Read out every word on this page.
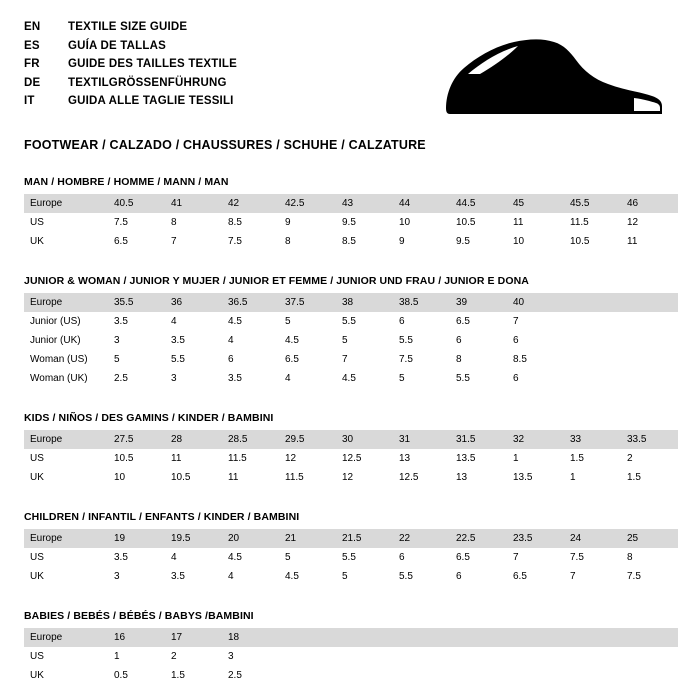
EN	TEXTILE SIZE GUIDE
ES	GUÍA DE TALLAS
FR	GUIDE DES TAILLES TEXTILE
DE	TEXTILGRÖSSENFÜHRUNG
IT	GUIDA ALLE TAGLIE TESSILI
FOOTWEAR / CALZADO / CHAUSSURES / SCHUHE / CALZATURE
MAN / HOMBRE / HOMME / MANN / MAN
Europe	40.5	41	42	42.5	43	44	44.5	45	45.5	46
US	7.5	8	8.5	9	9.5	10	10.5	11	11.5	12
UK	6.5	7	7.5	8	8.5	9	9.5	10	10.5	11
JUNIOR & WOMAN / JUNIOR Y MUJER / JUNIOR ET FEMME / JUNIOR UND FRAU / JUNIOR E DONA
Europe	35.5	36	36.5	37.5	38	38.5	39	40		
Junior (US)	3.5	4	4.5	5	5.5	6	6.5	7		
Junior (UK)	3	3.5	4	4.5	5	5.5	6	6		
Woman (US)	5	5.5	6	6.5	7	7.5	8	8.5		
Woman (UK)	2.5	3	3.5	4	4.5	5	5.5	6		
KIDS / NIÑOS / DES GAMINS / KINDER / BAMBINI
Europe	27.5	28	28.5	29.5	30	31	31.5	32	33	33.5
US	10.5	11	11.5	12	12.5	13	13.5	1	1.5	2
UK	10	10.5	11	11.5	12	12.5	13	13.5	1	1.5
CHILDREN / INFANTIL / ENFANTS / KINDER / BAMBINI
Europe	19	19.5	20	21	21.5	22	22.5	23.5	24	25
US	3.5	4	4.5	5	5.5	6	6.5	7	7.5	8
UK	3	3.5	4	4.5	5	5.5	6	6.5	7	7.5
BABIES / BEBÉS / BÉBÉS / BABYS /BAMBINI
Europe	16	17	18							
US	1	2	3							
UK	0.5	1.5	2.5							
